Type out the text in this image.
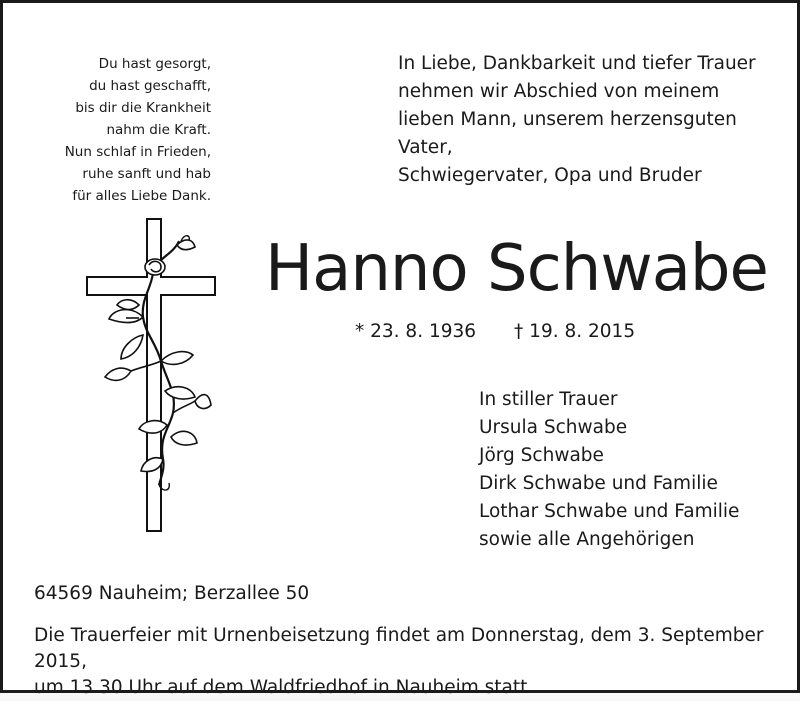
Du hast gesorgt,
du hast geschafft,
bis dir die Krankheit
nahm die Kraft.
Nun schlaf in Frieden,
ruhe sanft und hab
für alles Liebe Dank.
In Liebe, Dankbarkeit und tiefer Trauer
nehmen wir Abschied von meinem
lieben Mann, unserem herzensguten Vater,
Schwiegervater, Opa und Bruder
Hanno Schwabe
* 23. 8. 1936 † 19. 8. 2015
In stiller Trauer
Ursula Schwabe
Jörg Schwabe
Dirk Schwabe und Familie
Lothar Schwabe und Familie
sowie alle Angehörigen
64569 Nauheim; Berzallee 50
Die Trauerfeier mit Urnenbeisetzung findet am Donnerstag, dem 3. September 2015,
um 13.30 Uhr auf dem Waldfriedhof in Nauheim statt.
